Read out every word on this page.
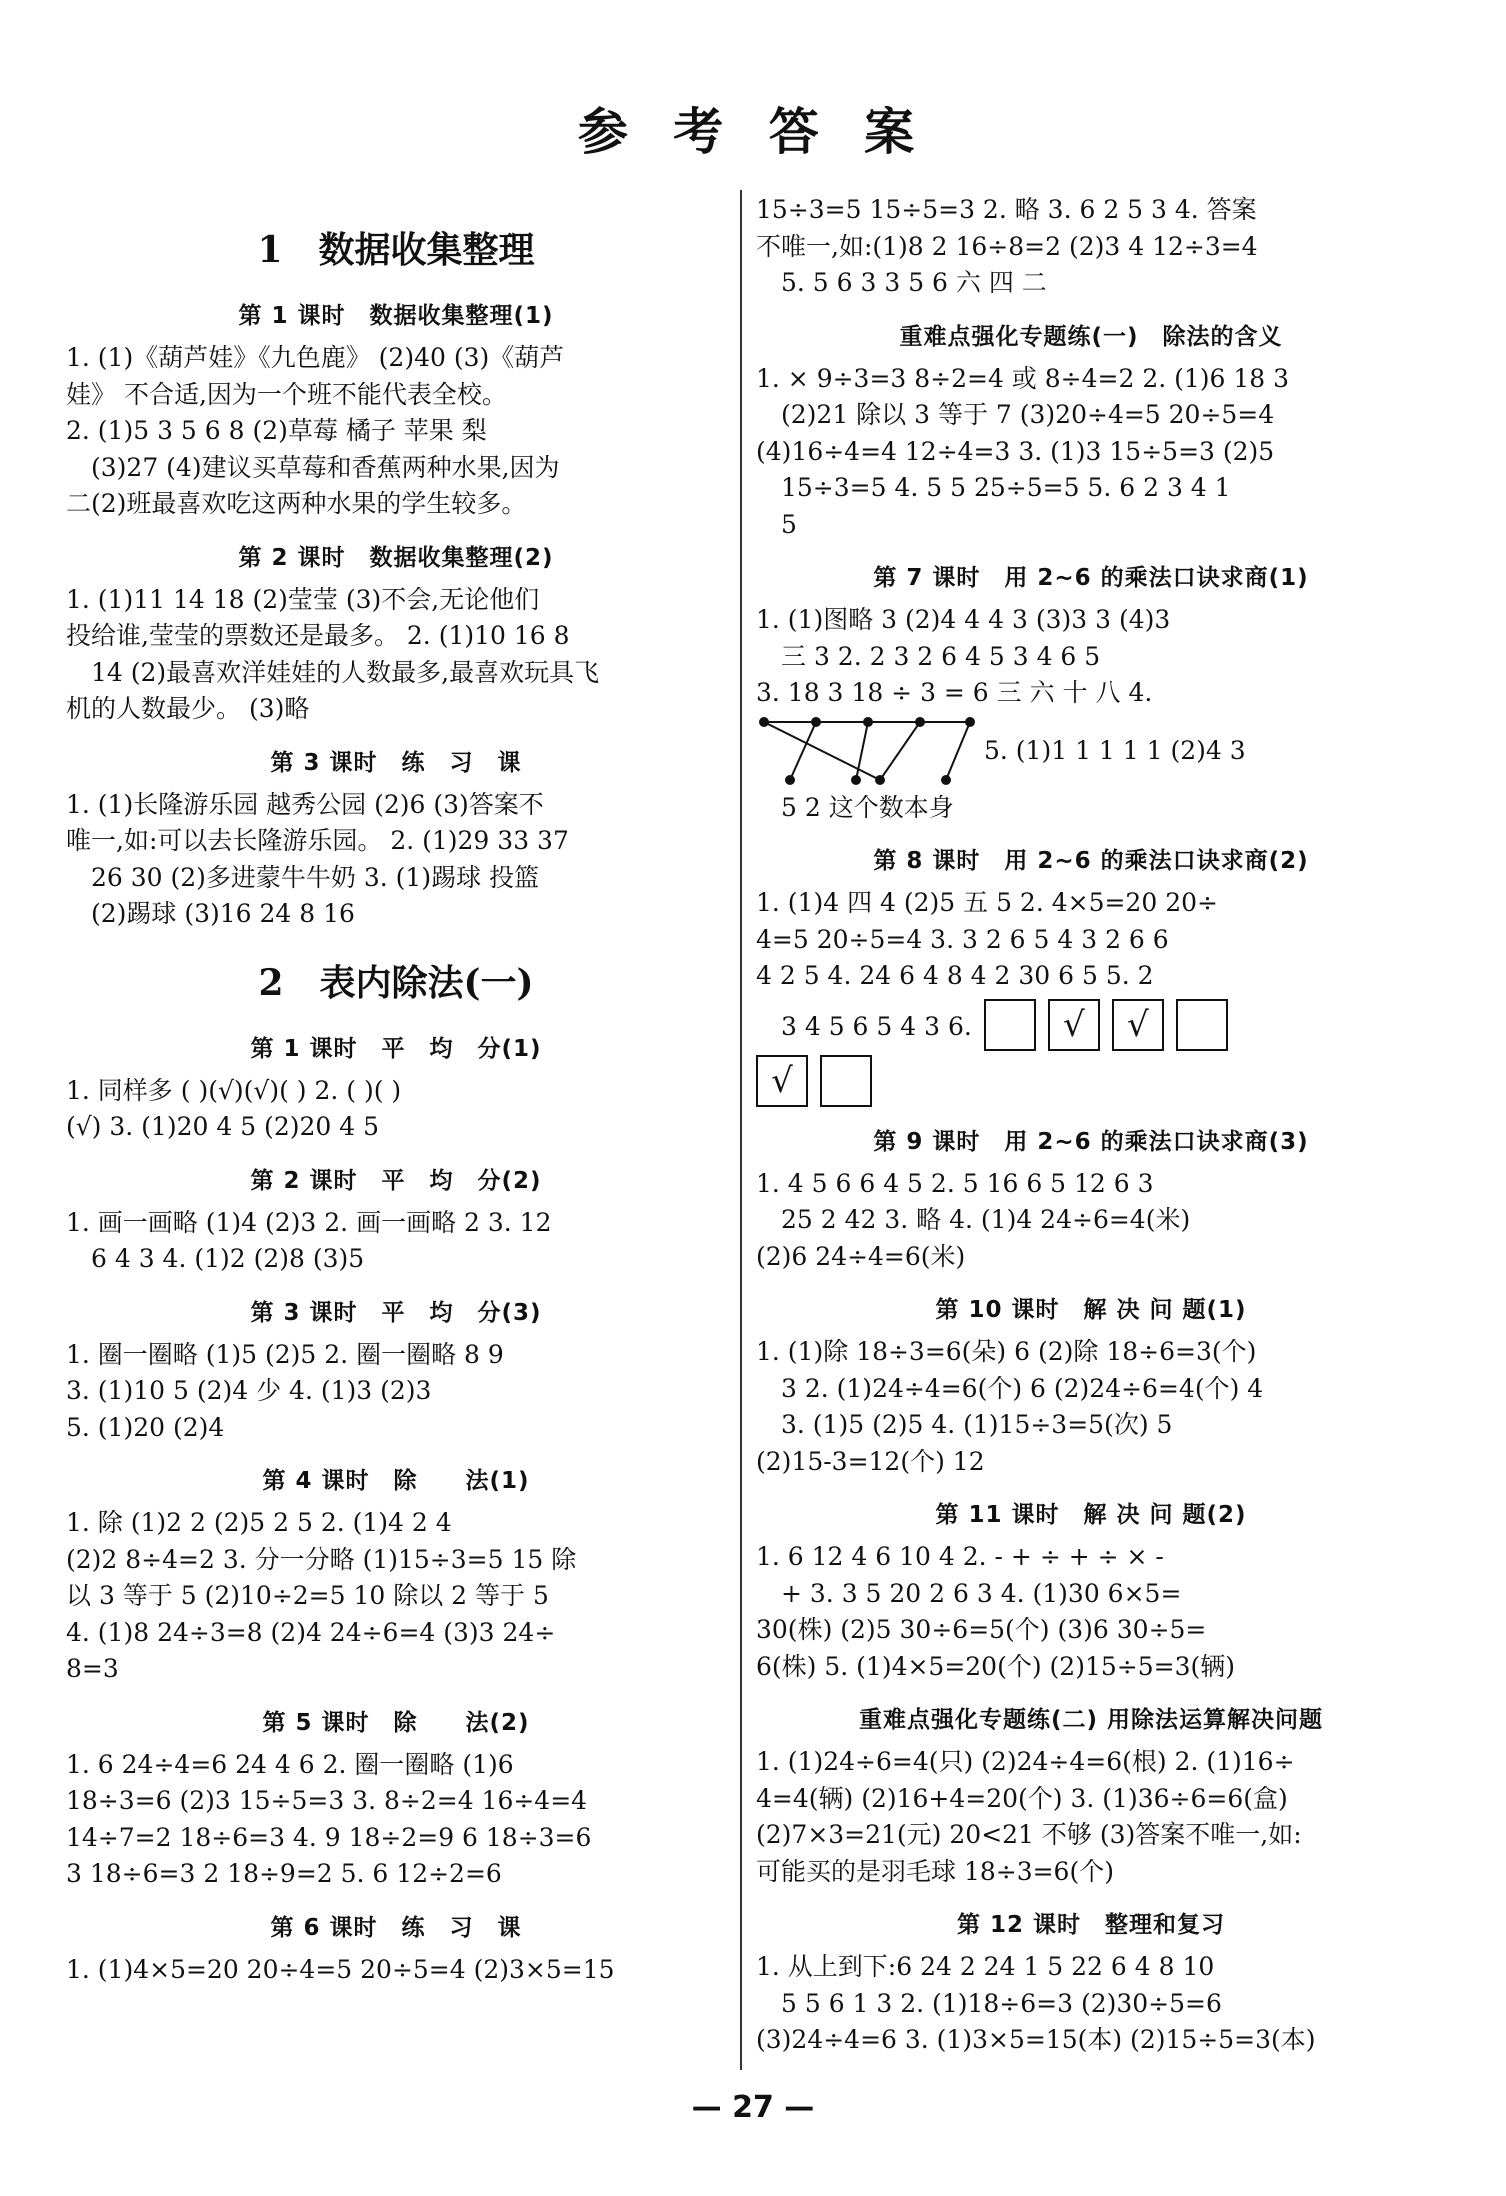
参 考 答 案
1　数据收集整理
第 1 课时　数据收集整理(1)

1. (1)《葫芦娃》《九色鹿》 (2)40 (3)《葫芦

娃》 不合适,因为一个班不能代表全校。

2. (1)5 3 5 6 8 (2)草莓 橘子 苹果 梨

　(3)27 (4)建议买草莓和香蕉两种水果,因为

二(2)班最喜欢吃这两种水果的学生较多。

第 2 课时　数据收集整理(2)

1. (1)11 14 18 (2)莹莹 (3)不会,无论他们

投给谁,莹莹的票数还是最多。 2. (1)10 16 8

　14 (2)最喜欢洋娃娃的人数最多,最喜欢玩具飞

机的人数最少。 (3)略

第 3 课时　练　习　课

1. (1)长隆游乐园 越秀公园 (2)6 (3)答案不

唯一,如:可以去长隆游乐园。 2. (1)29 33 37

　26 30 (2)多进蒙牛牛奶 3. (1)踢球 投篮

　(2)踢球 (3)16 24 8 16

2　表内除法(一)
第 1 课时　平　均　分(1)

1. 同样多 ( )(√)(√)( ) 2. ( )( )

(√) 3. (1)20 4 5 (2)20 4 5

第 2 课时　平　均　分(2)

1. 画一画略 (1)4 (2)3 2. 画一画略 2 3. 12

　6 4 3 4. (1)2 (2)8 (3)5

第 3 课时　平　均　分(3)

1. 圈一圈略 (1)5 (2)5 2. 圈一圈略 8 9

3. (1)10 5 (2)4 少 4. (1)3 (2)3

5. (1)20 (2)4

第 4 课时　除　　法(1)

1. 除 (1)2 2 (2)5 2 5 2. (1)4 2 4

(2)2 8÷4=2 3. 分一分略 (1)15÷3=5 15 除

以 3 等于 5 (2)10÷2=5 10 除以 2 等于 5

4. (1)8 24÷3=8 (2)4 24÷6=4 (3)3 24÷

8=3

第 5 课时　除　　法(2)

1. 6 24÷4=6 24 4 6 2. 圈一圈略 (1)6

18÷3=6 (2)3 15÷5=3 3. 8÷2=4 16÷4=4

14÷7=2 18÷6=3 4. 9 18÷2=9 6 18÷3=6

3 18÷6=3 2 18÷9=2 5. 6 12÷2=6

第 6 课时　练　习　课

1. (1)4×5=20 20÷4=5 20÷5=4 (2)3×5=15

15÷3=5 15÷5=3 2. 略 3. 6 2 5 3 4. 答案

不唯一,如:(1)8 2 16÷8=2 (2)3 4 12÷3=4

　5. 5 6 3 3 5 6 六 四 二

重难点强化专题练(一)　除法的含义

1. × 9÷3=3 8÷2=4 或 8÷4=2 2. (1)6 18 3

　(2)21 除以 3 等于 7 (3)20÷4=5 20÷5=4

(4)16÷4=4 12÷4=3 3. (1)3 15÷5=3 (2)5

　15÷3=5 4. 5 5 25÷5=5 5. 6 2 3 4 1

　5

第 7 课时　用 2~6 的乘法口诀求商(1)

1. (1)图略 3 (2)4 4 4 3 (3)3 3 (4)3

　三 3 2. 2 3 2 6 4 5 3 4 6 5

3. 18 3 18 ÷ 3 = 6 三 六 十 八 4.

5. (1)1 1 1 1 1 (2)4 3

　5 2 这个数本身

第 8 课时　用 2~6 的乘法口诀求商(2)

1. (1)4 四 4 (2)5 五 5 2. 4×5=20 20÷

4=5 20÷5=4 3. 3 2 6 5 4 3 2 6 6

4 2 5 4. 24 6 4 8 4 2 30 6 5 5. 2

　3 4 5 6 5 4 3 6.	√	√
√
第 9 课时　用 2~6 的乘法口诀求商(3)

1. 4 5 6 6 4 5 2. 5 16 6 5 12 6 3

　25 2 42 3. 略 4. (1)4 24÷6=4(米)

(2)6 24÷4=6(米)

第 10 课时　解 决 问 题(1)

1. (1)除 18÷3=6(朵) 6 (2)除 18÷6=3(个)

　3 2. (1)24÷4=6(个) 6 (2)24÷6=4(个) 4

　3. (1)5 (2)5 4. (1)15÷3=5(次) 5

(2)15-3=12(个) 12

第 11 课时　解 决 问 题(2)

1. 6 12 4 6 10 4 2. - + ÷ + ÷ × -

　+ 3. 3 5 20 2 6 3 4. (1)30 6×5=

30(株) (2)5 30÷6=5(个) (3)6 30÷5=

6(株) 5. (1)4×5=20(个) (2)15÷5=3(辆)

重难点强化专题练(二) 用除法运算解决问题

1. (1)24÷6=4(只) (2)24÷4=6(根) 2. (1)16÷

4=4(辆) (2)16+4=20(个) 3. (1)36÷6=6(盒)

(2)7×3=21(元) 20<21 不够 (3)答案不唯一,如:

可能买的是羽毛球 18÷3=6(个)

第 12 课时　整理和复习

1. 从上到下:6 24 2 24 1 5 22 6 4 8 10

　5 5 6 1 3 2. (1)18÷6=3 (2)30÷5=6

(3)24÷4=6 3. (1)3×5=15(本) (2)15÷5=3(本)

— 27 —
